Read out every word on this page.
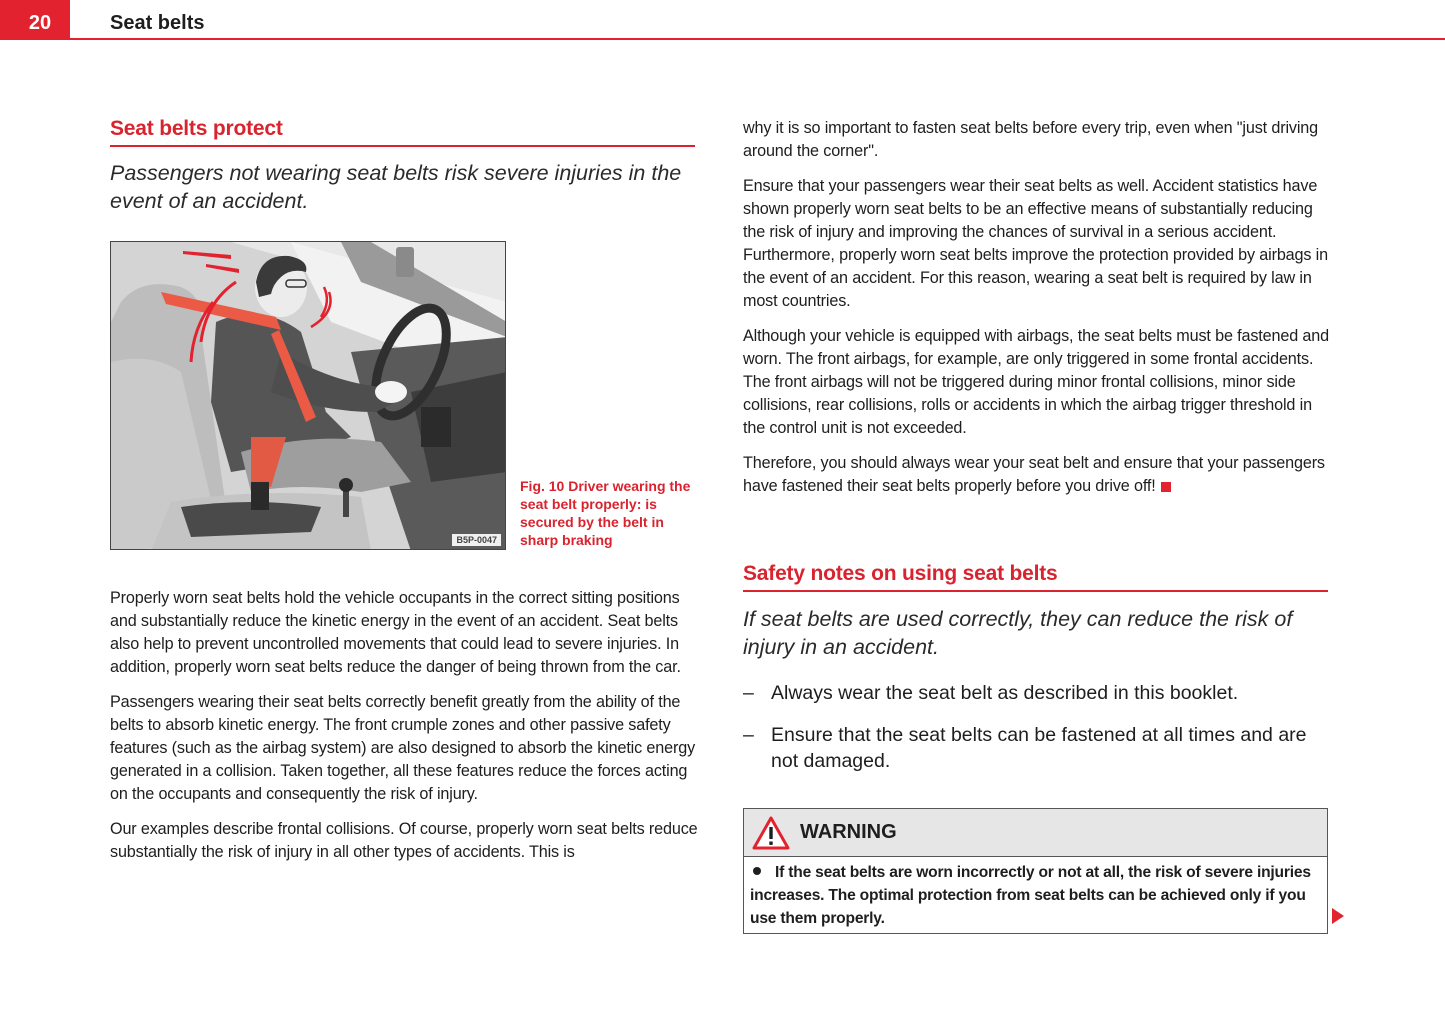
20	Seat belts
Seat belts protect
Passengers not wearing seat belts risk severe injuries in the event of an accident.
B5P-0047
Fig. 10 Driver wearing the seat belt properly: is secured by the belt in sharp braking

Properly worn seat belts hold the vehicle occupants in the correct sitting positions and substantially reduce the kinetic energy in the event of an accident. Seat belts also help to prevent uncontrolled movements that could lead to severe injuries. In addition, properly worn seat belts reduce the danger of being thrown from the car.

Passengers wearing their seat belts correctly benefit greatly from the ability of the belts to absorb kinetic energy. The front crumple zones and other passive safety features (such as the airbag system) are also designed to absorb the kinetic energy generated in a collision. Taken together, all these features reduce the forces acting on the occupants and consequently the risk of injury.

Our examples describe frontal collisions. Of course, properly worn seat belts reduce substantially the risk of injury in all other types of accidents. This is

why it is so important to fasten seat belts before every trip, even when "just driving around the corner".

Ensure that your passengers wear their seat belts as well. Accident statistics have shown properly worn seat belts to be an effective means of substantially reducing the risk of injury and improving the chances of survival in a serious accident. Furthermore, properly worn seat belts improve the protection provided by airbags in the event of an accident. For this reason, wearing a seat belt is required by law in most countries.

Although your vehicle is equipped with airbags, the seat belts must be fastened and worn. The front airbags, for example, are only triggered in some frontal accidents. The front airbags will not be triggered during minor frontal collisions, minor side collisions, rear collisions, rolls or accidents in which the airbag trigger threshold in the control unit is not exceeded.

Therefore, you should always wear your seat belt and ensure that your passengers have fastened their seat belts properly before you drive off!

Safety notes on using seat belts
If seat belts are used correctly, they can reduce the risk of injury in an accident.
– Always wear the seat belt as described in this booklet.
– Ensure that the seat belts can be fastened at all times and are not damaged.
WARNING
If the seat belts are worn incorrectly or not at all, the risk of severe injuries increases. The optimal protection from seat belts can be achieved only if you use them properly.
